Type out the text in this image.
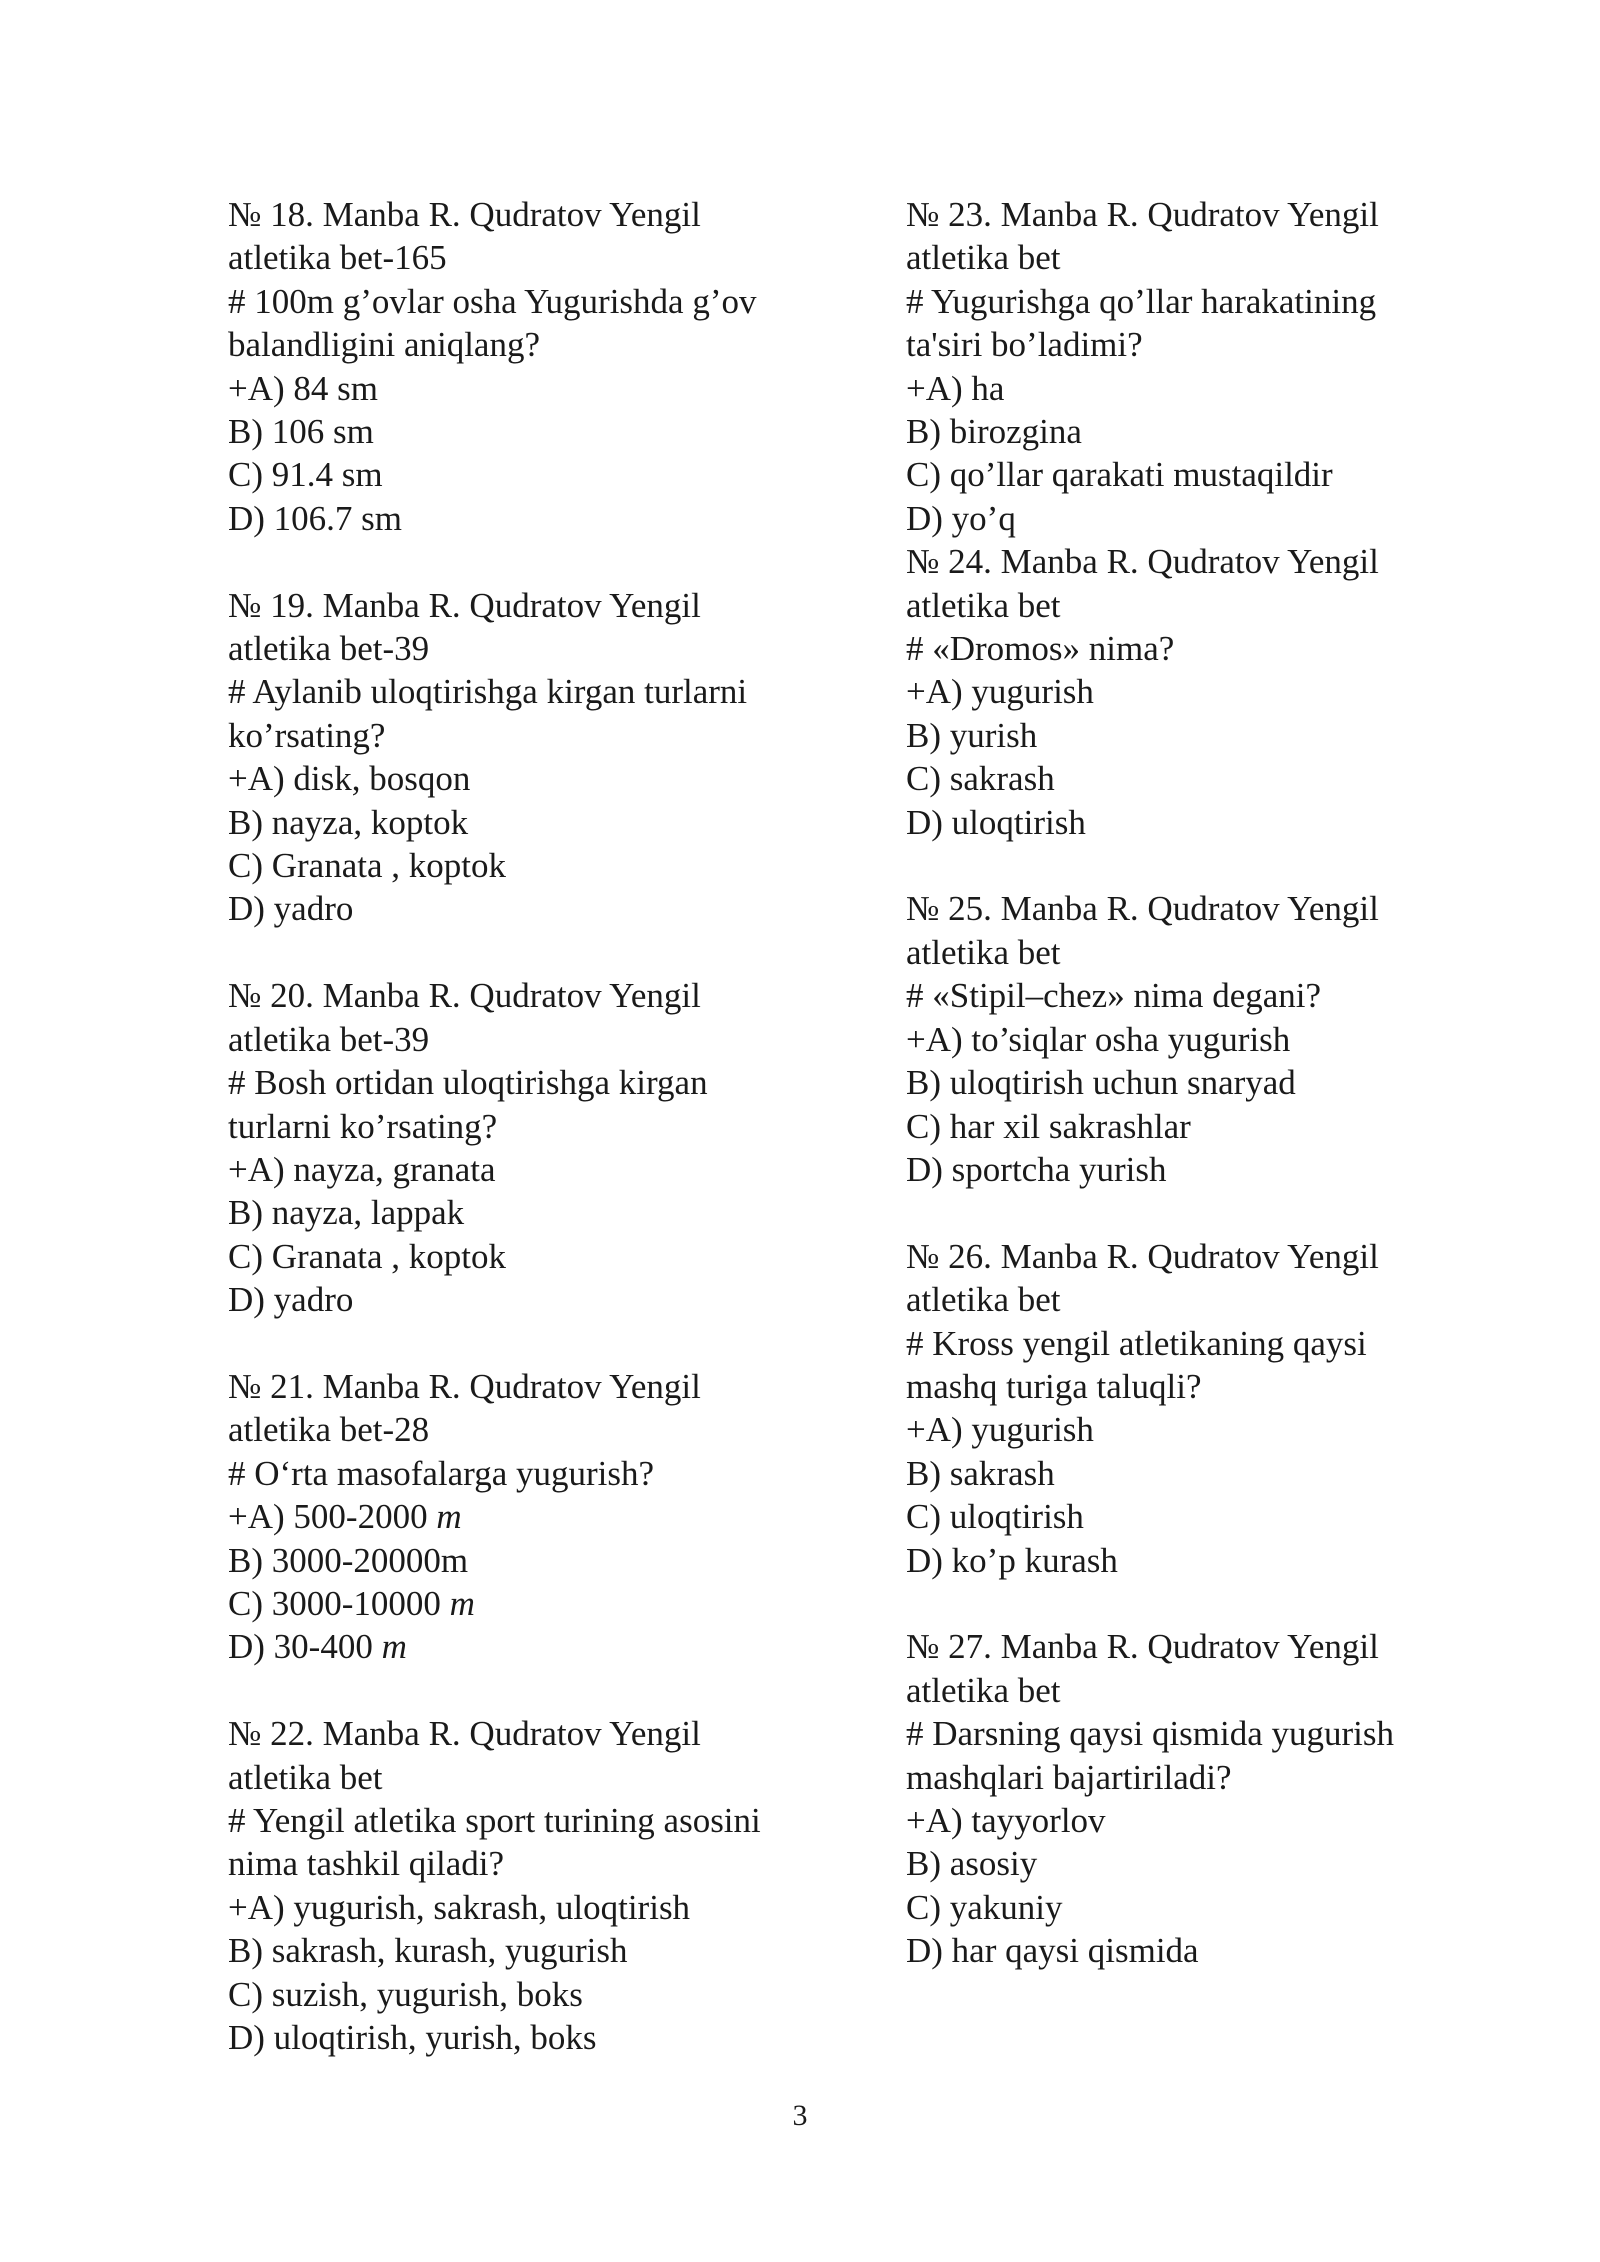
№ 18. Manba R. Qudratov Yengil
atletika bet-165
# 100m g’ovlar osha Yugurishda g’ov
balandligini aniqlang?
+A) 84 sm
B) 106 sm
C) 91.4 sm
D) 106.7 sm
№ 19. Manba R. Qudratov Yengil
atletika bet-39
# Aylanib uloqtirishga kirgan turlarni
ko’rsating?
+A) disk, bosqon
B) nayza, koptok
C) Granata , koptok
D) yadro
№ 20. Manba R. Qudratov Yengil
atletika bet-39
# Bosh ortidan uloqtirishga kirgan
turlarni ko’rsating?
+A) nayza, granata
B) nayza, lappak
C) Granata , koptok
D) yadro
№ 21. Manba R. Qudratov Yengil
atletika bet-28
# O‘rta masofalarga yugurish?
+A) 500-2000 m
B) 3000-20000m
C) 3000-10000 m
D) 30-400 m
№ 22. Manba R. Qudratov Yengil
atletika bet
# Yengil atletika sport turining asosini
nima tashkil qiladi?
+A) yugurish, sakrash, uloqtirish
B) sakrash, kurash, yugurish
C) suzish, yugurish, boks
D) uloqtirish, yurish, boks
№ 23. Manba R. Qudratov Yengil
atletika bet
# Yugurishga qo’llar harakatining
ta'siri bo’ladimi?
+A) ha
B) birozgina
C) qo’llar qarakati mustaqildir
D) yo’q
№ 24. Manba R. Qudratov Yengil
atletika bet
# «Dromos» nima?
+A) yugurish
B) yurish
C) sakrash
D) uloqtirish
№ 25. Manba R. Qudratov Yengil
atletika bet
# «Stipil–chez» nima degani?
+A) to’siqlar osha yugurish
B) uloqtirish uchun snaryad
C) har xil sakrashlar
D) sportcha yurish
№ 26. Manba R. Qudratov Yengil
atletika bet
# Kross yengil atletikaning qaysi
mashq turiga taluqli?
+A) yugurish
B) sakrash
C) uloqtirish
D) ko’p kurash
№ 27. Manba R. Qudratov Yengil
atletika bet
# Darsning qaysi qismida yugurish
mashqlari bajartiriladi?
+A) tayyorlov
B) asosiy
C) yakuniy
D) har qaysi qismida
3
